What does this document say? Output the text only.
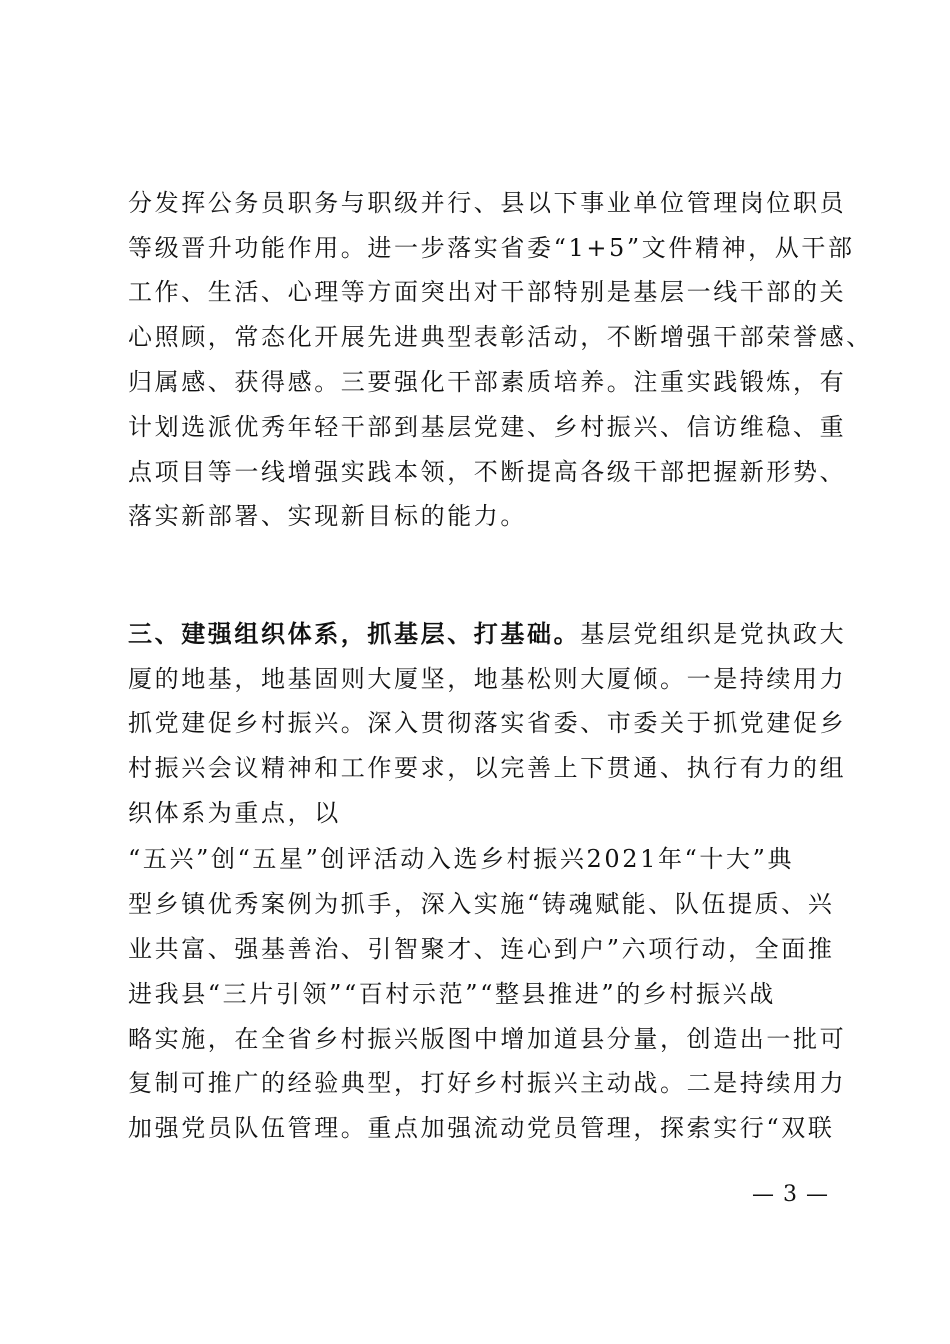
分发挥公务员职务与职级并行、县以下事业单位管理岗位职员
等级晋升功能作用。进一步落实省委“1+5”文件精神，从干部
工作、生活、心理等方面突出对干部特别是基层一线干部的关
心照顾，常态化开展先进典型表彰活动，不断增强干部荣誉感、
归属感、获得感。三要强化干部素质培养。注重实践锻炼，有
计划选派优秀年轻干部到基层党建、乡村振兴、信访维稳、重
点项目等一线增强实践本领，不断提高各级干部把握新形势、
落实新部署、实现新目标的能力。
三、建强组织体系，抓基层、打基础。基层党组织是党执政大
厦的地基，地基固则大厦坚，地基松则大厦倾。一是持续用力
抓党建促乡村振兴。深入贯彻落实省委、市委关于抓党建促乡
村振兴会议精神和工作要求，以完善上下贯通、执行有力的组
织体系为重点，以
“五兴”创“五星”创评活动入选乡村振兴2021年“十大”典
型乡镇优秀案例为抓手，深入实施“铸魂赋能、队伍提质、兴
业共富、强基善治、引智聚才、连心到户”六项行动，全面推
进我县“三片引领”“百村示范”“整县推进”的乡村振兴战
略实施，在全省乡村振兴版图中增加道县分量，创造出一批可
复制可推广的经验典型，打好乡村振兴主动战。二是持续用力
加强党员队伍管理。重点加强流动党员管理，探索实行“双联
— 3 —
